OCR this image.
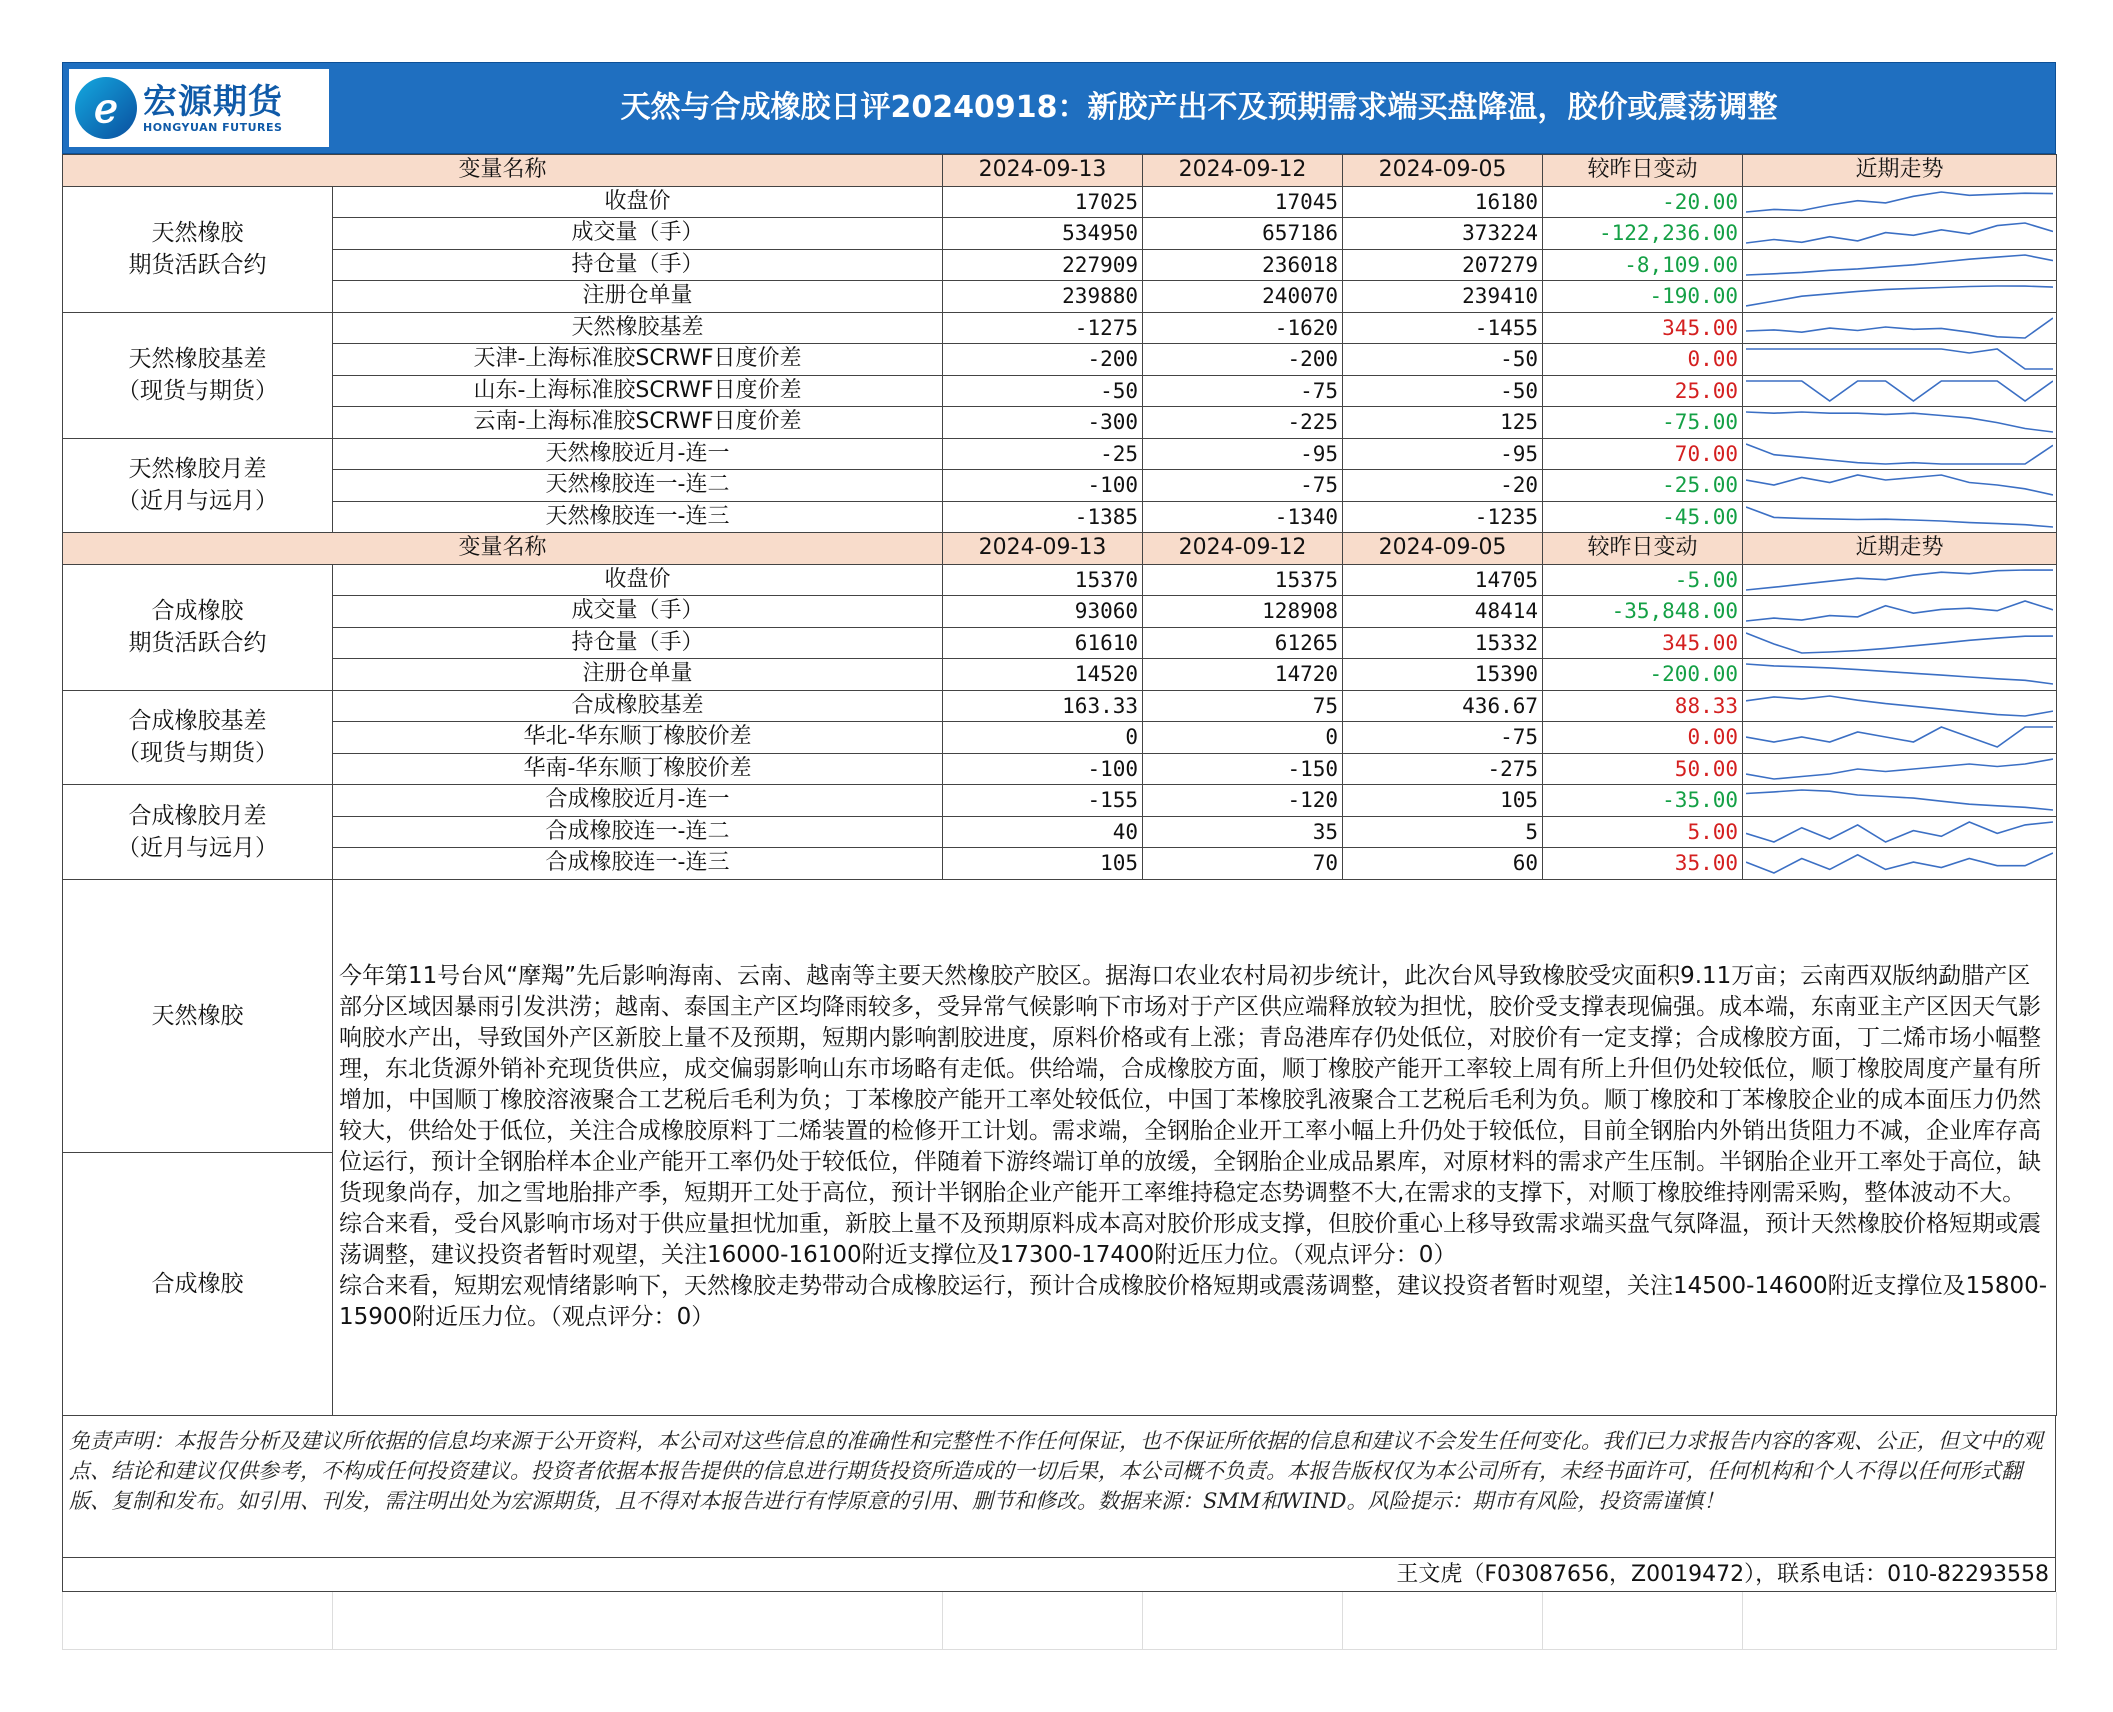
ℯ 宏源期货
HONGYUAN FUTURES
天然与合成橡胶日评20240918：新胶产出不及预期需求端买盘降温，胶价或震荡调整
变量名称		2024-09-13	2024-09-12	2024-09-05	较昨日变动	近期走势
天然橡胶
期货活跃合约	收盘价	17025	17045	16180	-20.00	

	成交量（手）	534950	657186	373224	-122,236.00	

	持仓量（手）	227909	236018	207279	-8,109.00	

	注册仓单量	239880	240070	239410	-190.00	

天然橡胶基差
（现货与期货）	天然橡胶基差	-1275	-1620	-1455	345.00	

	天津-上海标准胶SCRWF日度价差	-200	-200	-50	0.00	

	山东-上海标准胶SCRWF日度价差	-50	-75	-50	25.00	

	云南-上海标准胶SCRWF日度价差	-300	-225	125	-75.00	

天然橡胶月差
（近月与远月）	天然橡胶近月-连一	-25	-95	-95	70.00	

	天然橡胶连一-连二	-100	-75	-20	-25.00	

	天然橡胶连一-连三	-1385	-1340	-1235	-45.00	

变量名称		2024-09-13	2024-09-12	2024-09-05	较昨日变动	近期走势
合成橡胶
期货活跃合约	收盘价	15370	15375	14705	-5.00	

	成交量（手）	93060	128908	48414	-35,848.00	

	持仓量（手）	61610	61265	15332	345.00	

	注册仓单量	14520	14720	15390	-200.00	

合成橡胶基差
（现货与期货）	合成橡胶基差	163.33	75	436.67	88.33	

	华北-华东顺丁橡胶价差	0	0	-75	0.00	

	华南-华东顺丁橡胶价差	-100	-150	-275	50.00	

合成橡胶月差
（近月与远月）	合成橡胶近月-连一	-155	-120	105	-35.00	

	合成橡胶连一-连二	40	35	5	5.00	

	合成橡胶连一-连三	105	70	60	35.00	
天然橡胶	
今年第11号台风“摩羯”先后影响海南、云南、越南等主要天然橡胶产胶区。据海口农业农村局初步统计，此次台风导致橡胶受灾面积9.11万亩；云南西双版纳勐腊产区部分区域因暴雨引发洪涝；越南、泰国主产区均降雨较多，受异常气候影响下市场对于产区供应端释放较为担忧，胶价受支撑表现偏强。成本端，东南亚主产区因天气影响胶水产出，导致国外产区新胶上量不及预期，短期内影响割胶进度，原料价格或有上涨；青岛港库存仍处低位，对胶价有一定支撑；合成橡胶方面，丁二烯市场小幅整理，东北货源外销补充现货供应，成交偏弱影响山东市场略有走低。供给端，合成橡胶方面，顺丁橡胶产能开工率较上周有所上升但仍处较低位，顺丁橡胶周度产量有所增加，中国顺丁橡胶溶液聚合工艺税后毛利为负；丁苯橡胶产能开工率处较低位，中国丁苯橡胶乳液聚合工艺税后毛利为负。顺丁橡胶和丁苯橡胶企业的成本面压力仍然较大，供给处于低位，关注合成橡胶原料丁二烯装置的检修开工计划。需求端，全钢胎企业开工率小幅上升仍处于较低位，目前全钢胎内外销出货阻力不减，企业库存高位运行，预计全钢胎样本企业产能开工率仍处于较低位，伴随着下游终端订单的放缓，全钢胎企业成品累库，对原材料的需求产生压制。半钢胎企业开工率处于高位，缺货现象尚存，加之雪地胎排产季，短期开工处于高位，预计半钢胎企业产能开工率维持稳定态势调整不大,在需求的支撑下，对顺丁橡胶维持刚需采购，整体波动不大。
综合来看，受台风影响市场对于供应量担忧加重，新胶上量不及预期原料成本高对胶价形成支撑，但胶价重心上移导致需求端买盘气氛降温，预计天然橡胶价格短期或震荡调整，建议投资者暂时观望，关注16000-16100附近支撑位及17300-17400附近压力位。（观点评分：0）
综合来看，短期宏观情绪影响下，天然橡胶走势带动合成橡胶运行，预计合成橡胶价格短期或震荡调整，建议投资者暂时观望，关注14500-14600附近支撑位及15800-15900附近压力位。（观点评分：0）

合成橡胶
免责声明：本报告分析及建议所依据的信息均来源于公开资料，本公司对这些信息的准确性和完整性不作任何保证，也不保证所依据的信息和建议不会发生任何变化。我们已力求报告内容的客观、公正，但文中的观点、结论和建议仅供参考，不构成任何投资建议。投资者依据本报告提供的信息进行期货投资所造成的一切后果，本公司概不负责。本报告版权仅为本公司所有，未经书面许可，任何机构和个人不得以任何形式翻版、复制和发布。如引用、刊发，需注明出处为宏源期货，且不得对本报告进行有悖原意的引用、删节和修改。数据来源：SMM和WIND。风险提示：期市有风险，投资需谨慎！
王文虎（F03087656，Z0019472），联系电话：010-82293558
